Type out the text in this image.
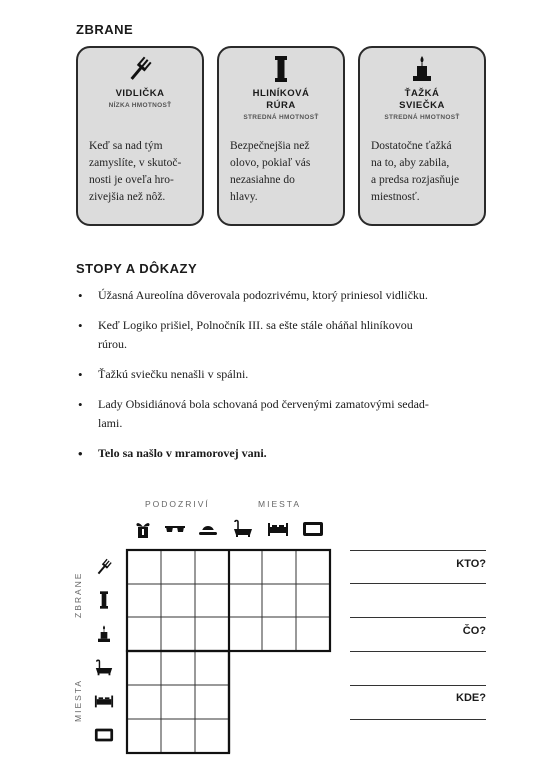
ZBRANE
VIDLIČKA
NÍZKA HMOTNOSŤ
Keď sa nad tým
zamyslíte, v skutoč-
nosti je oveľa hro-
zivejšia než nôž.
HLINÍKOVÁ
RÚRA
STREDNÁ HMOTNOSŤ
Bezpečnejšia než
olovo, pokiaľ vás
nezasiahne do
hlavy.
ŤAŽKÁ
SVIEČKA
STREDNÁ HMOTNOSŤ
Dostatočne ťažká
na to, aby zabila,
a predsa rozjasňuje
miestnosť.
STOPY A DÔKAZY
• Úžasná Aureolína dôverovala podozrivému, ktorý priniesol vidličku.
• Keď Logiko prišiel, Polnočník III. sa ešte stále oháňal hliníkovou
rúrou.
• Ťažkú sviečku nenašli v spálni.
• Lady Obsidiánová bola schovaná pod červenými zamatovými sedad-
lami.
• Telo sa našlo v mramorovej vani.
PODOZRIVÍ	MIESTA
ZBRANE
MIESTA
KTO?
ČO?
KDE?
